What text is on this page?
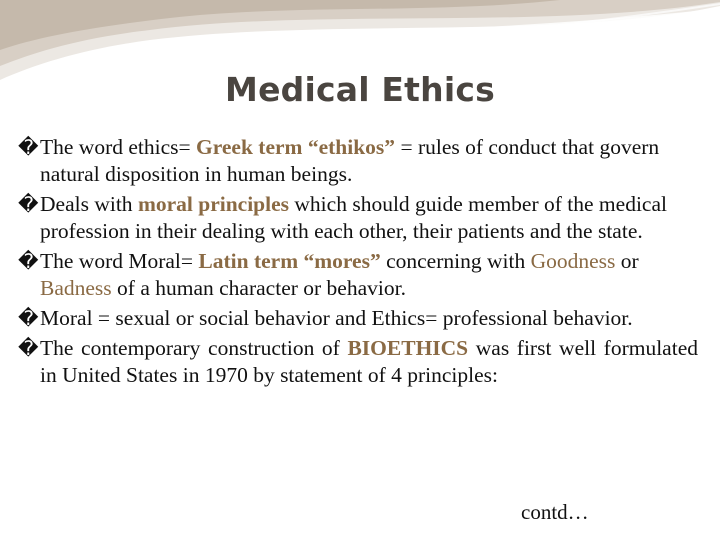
Medical Ethics
� The word ethics= Greek term “ethikos” = rules of conduct that govern natural disposition in human beings.
� Deals with moral principles which should guide member of the medical profession in their dealing with each other, their patients and the state.
� The word Moral= Latin term “mores” concerning with Goodness or Badness of a human character or behavior.
� Moral = sexual or social behavior and Ethics= professional behavior.
� The contemporary construction of BIOETHICS was first well formulated in United States in 1970 by statement of 4 principles:
contd…
